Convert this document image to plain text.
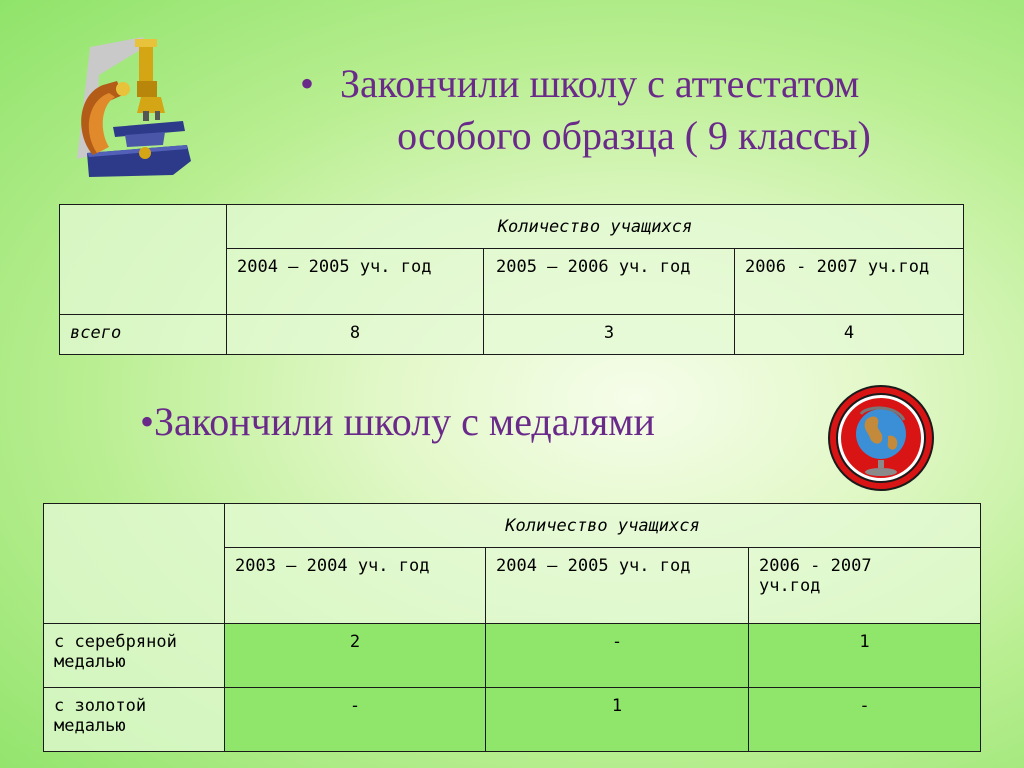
• Закончили школу с аттестатом
особого образца ( 9 классы)
	Количество учащихся		
	2004 – 2005 уч. год	2005 – 2006 уч. год	2006 - 2007 уч.год

всего	8	3	4
•Закончили школу с медалями
	Количество учащихся		
	2003 – 2004 уч. год	2004 – 2005 уч. год	2006 - 2007 уч.год

с серебряной медалью	2	-	1

с золотой медалью	-	1	-
